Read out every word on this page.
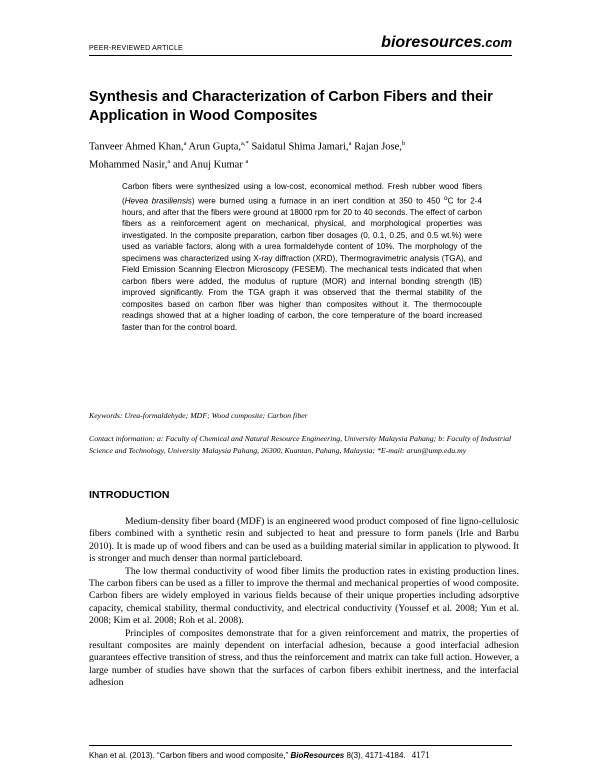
PEER-REVIEWED ARTICLE	bioresources.com
Synthesis and Characterization of Carbon Fibers and their Application in Wood Composites
Tanveer Ahmed Khan,$^a$ Arun Gupta,$^{a,*}$ Saidatul Shima Jamari,$^a$ Rajan Jose,$^b$
Mohammed Nasir,$^a$ and Anuj Kumar $^a$
Carbon fibers were synthesized using a low-cost, economical method. Fresh rubber wood fibers (Hevea brasiliensis) were burned using a furnace in an inert condition at 350 to 450 $^o$C for 2-4 hours, and after that the fibers were ground at 18000 rpm for 20 to 40 seconds. The effect of carbon fibers as a reinforcement agent on mechanical, physical, and morphological properties was investigated. In the composite preparation, carbon fiber dosages (0, 0.1, 0.25, and 0.5 wt.%) were used as variable factors, along with a urea formaldehyde content of 10%. The morphology of the specimens was characterized using X-ray diffraction (XRD), Thermogravimetric analysis (TGA), and Field Emission Scanning Electron Microscopy (FESEM). The mechanical tests indicated that when carbon fibers were added, the modulus of rupture (MOR) and internal bonding strength (IB) improved significantly. From the TGA graph it was observed that the thermal stability of the composites based on carbon fiber was higher than composites without it. The thermocouple readings showed that at a higher loading of carbon, the core temperature of the board increased faster than for the control board.
Keywords: Urea-formaldehyde; MDF; Wood composite; Carbon fiber
Contact information: a: Faculty of Chemical and Natural Resource Engineering, University Malaysia Pahang; b: Faculty of Industrial Science and Technology, University Malaysia Pahang, 26300, Kuantan, Pahang, Malaysia; *E-mail: arun@ump.edu.my
INTRODUCTION

Medium-density fiber board (MDF) is an engineered wood product composed of fine ligno-cellulosic fibers combined with a synthetic resin and subjected to heat and pressure to form panels (Irle and Barbu 2010). It is made up of wood fibers and can be used as a building material similar in application to plywood. It is stronger and much denser than normal particleboard.

The low thermal conductivity of wood fiber limits the production rates in existing production lines. The carbon fibers can be used as a filler to improve the thermal and mechanical properties of wood composite. Carbon fibers are widely employed in various fields because of their unique properties including adsorptive capacity, chemical stability, thermal conductivity, and electrical conductivity (Youssef et al. 2008; Yun et al. 2008; Kim et al. 2008; Roh et al. 2008).

Principles of composites demonstrate that for a given reinforcement and matrix, the properties of resultant composites are mainly dependent on interfacial adhesion, because a good interfacial adhesion guarantees effective transition of stress, and thus the reinforcement and matrix can take full action. However, a large number of studies have shown that the surfaces of carbon fibers exhibit inertness, and the interfacial adhesion

Khan et al. (2013). “Carbon fibers and wood composite,” BioResources 8(3), 4171-4184. 4171
